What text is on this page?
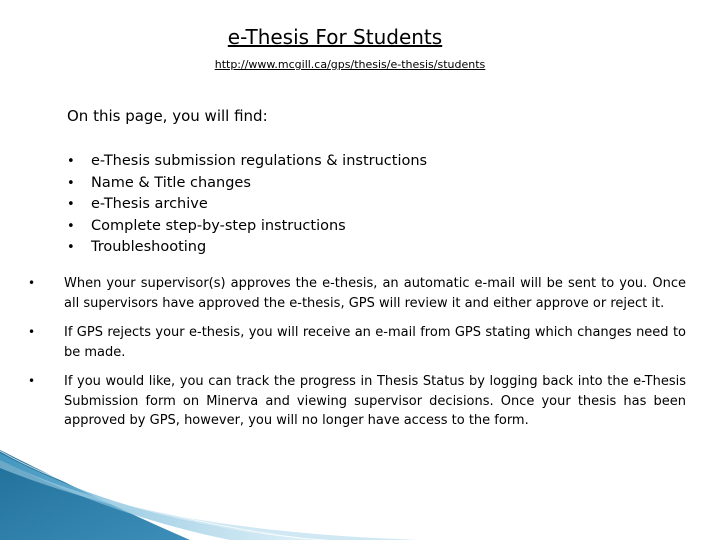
e-Thesis For Students
http://www.mcgill.ca/gps/thesis/e-thesis/students
On this page, you will find:
• e-Thesis submission regulations & instructions
• Name & Title changes
• e-Thesis archive
• Complete step-by-step instructions
• Troubleshooting
• When your supervisor(s) approves the e-thesis, an automatic e-mail will be sent to you. Once all supervisors have approved the e-thesis, GPS will review it and either approve or reject it.
• If GPS rejects your e-thesis, you will receive an e-mail from GPS stating which changes need to be made.
• If you would like, you can track the progress in Thesis Status by logging back into the e-Thesis Submission form on Minerva and viewing supervisor decisions. Once your thesis has been approved by GPS, however, you will no longer have access to the form.
